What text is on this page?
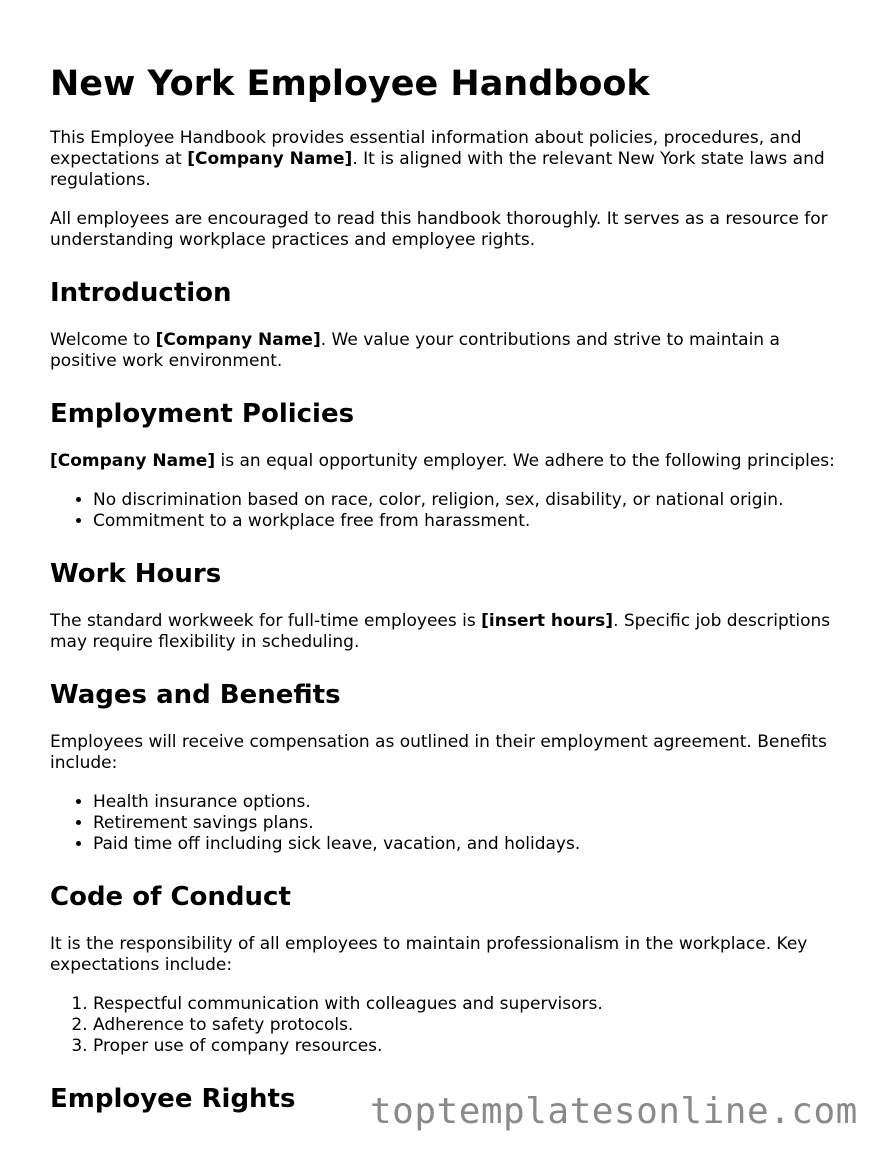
New York Employee Handbook

This Employee Handbook provides essential information about policies, procedures, and expectations at [Company Name]. It is aligned with the relevant New York state laws and regulations.

All employees are encouraged to read this handbook thoroughly. It serves as a resource for understanding workplace practices and employee rights.

Introduction

Welcome to [Company Name]. We value your contributions and strive to maintain a positive work environment.

Employment Policies

[Company Name] is an equal opportunity employer. We adhere to the following principles:

• No discrimination based on race, color, religion, sex, disability, or national origin.
• Commitment to a workplace free from harassment.
Work Hours

The standard workweek for full-time employees is [insert hours]. Specific job descriptions may require flexibility in scheduling.

Wages and Benefits

Employees will receive compensation as outlined in their employment agreement. Benefits include:

• Health insurance options.
• Retirement savings plans.
• Paid time off including sick leave, vacation, and holidays.
Code of Conduct

It is the responsibility of all employees to maintain professionalism in the workplace. Key expectations include:

1. Respectful communication with colleagues and supervisors.
2. Adherence to safety protocols.
3. Proper use of company resources.
Employee Rights	toptemplatesonline.com
